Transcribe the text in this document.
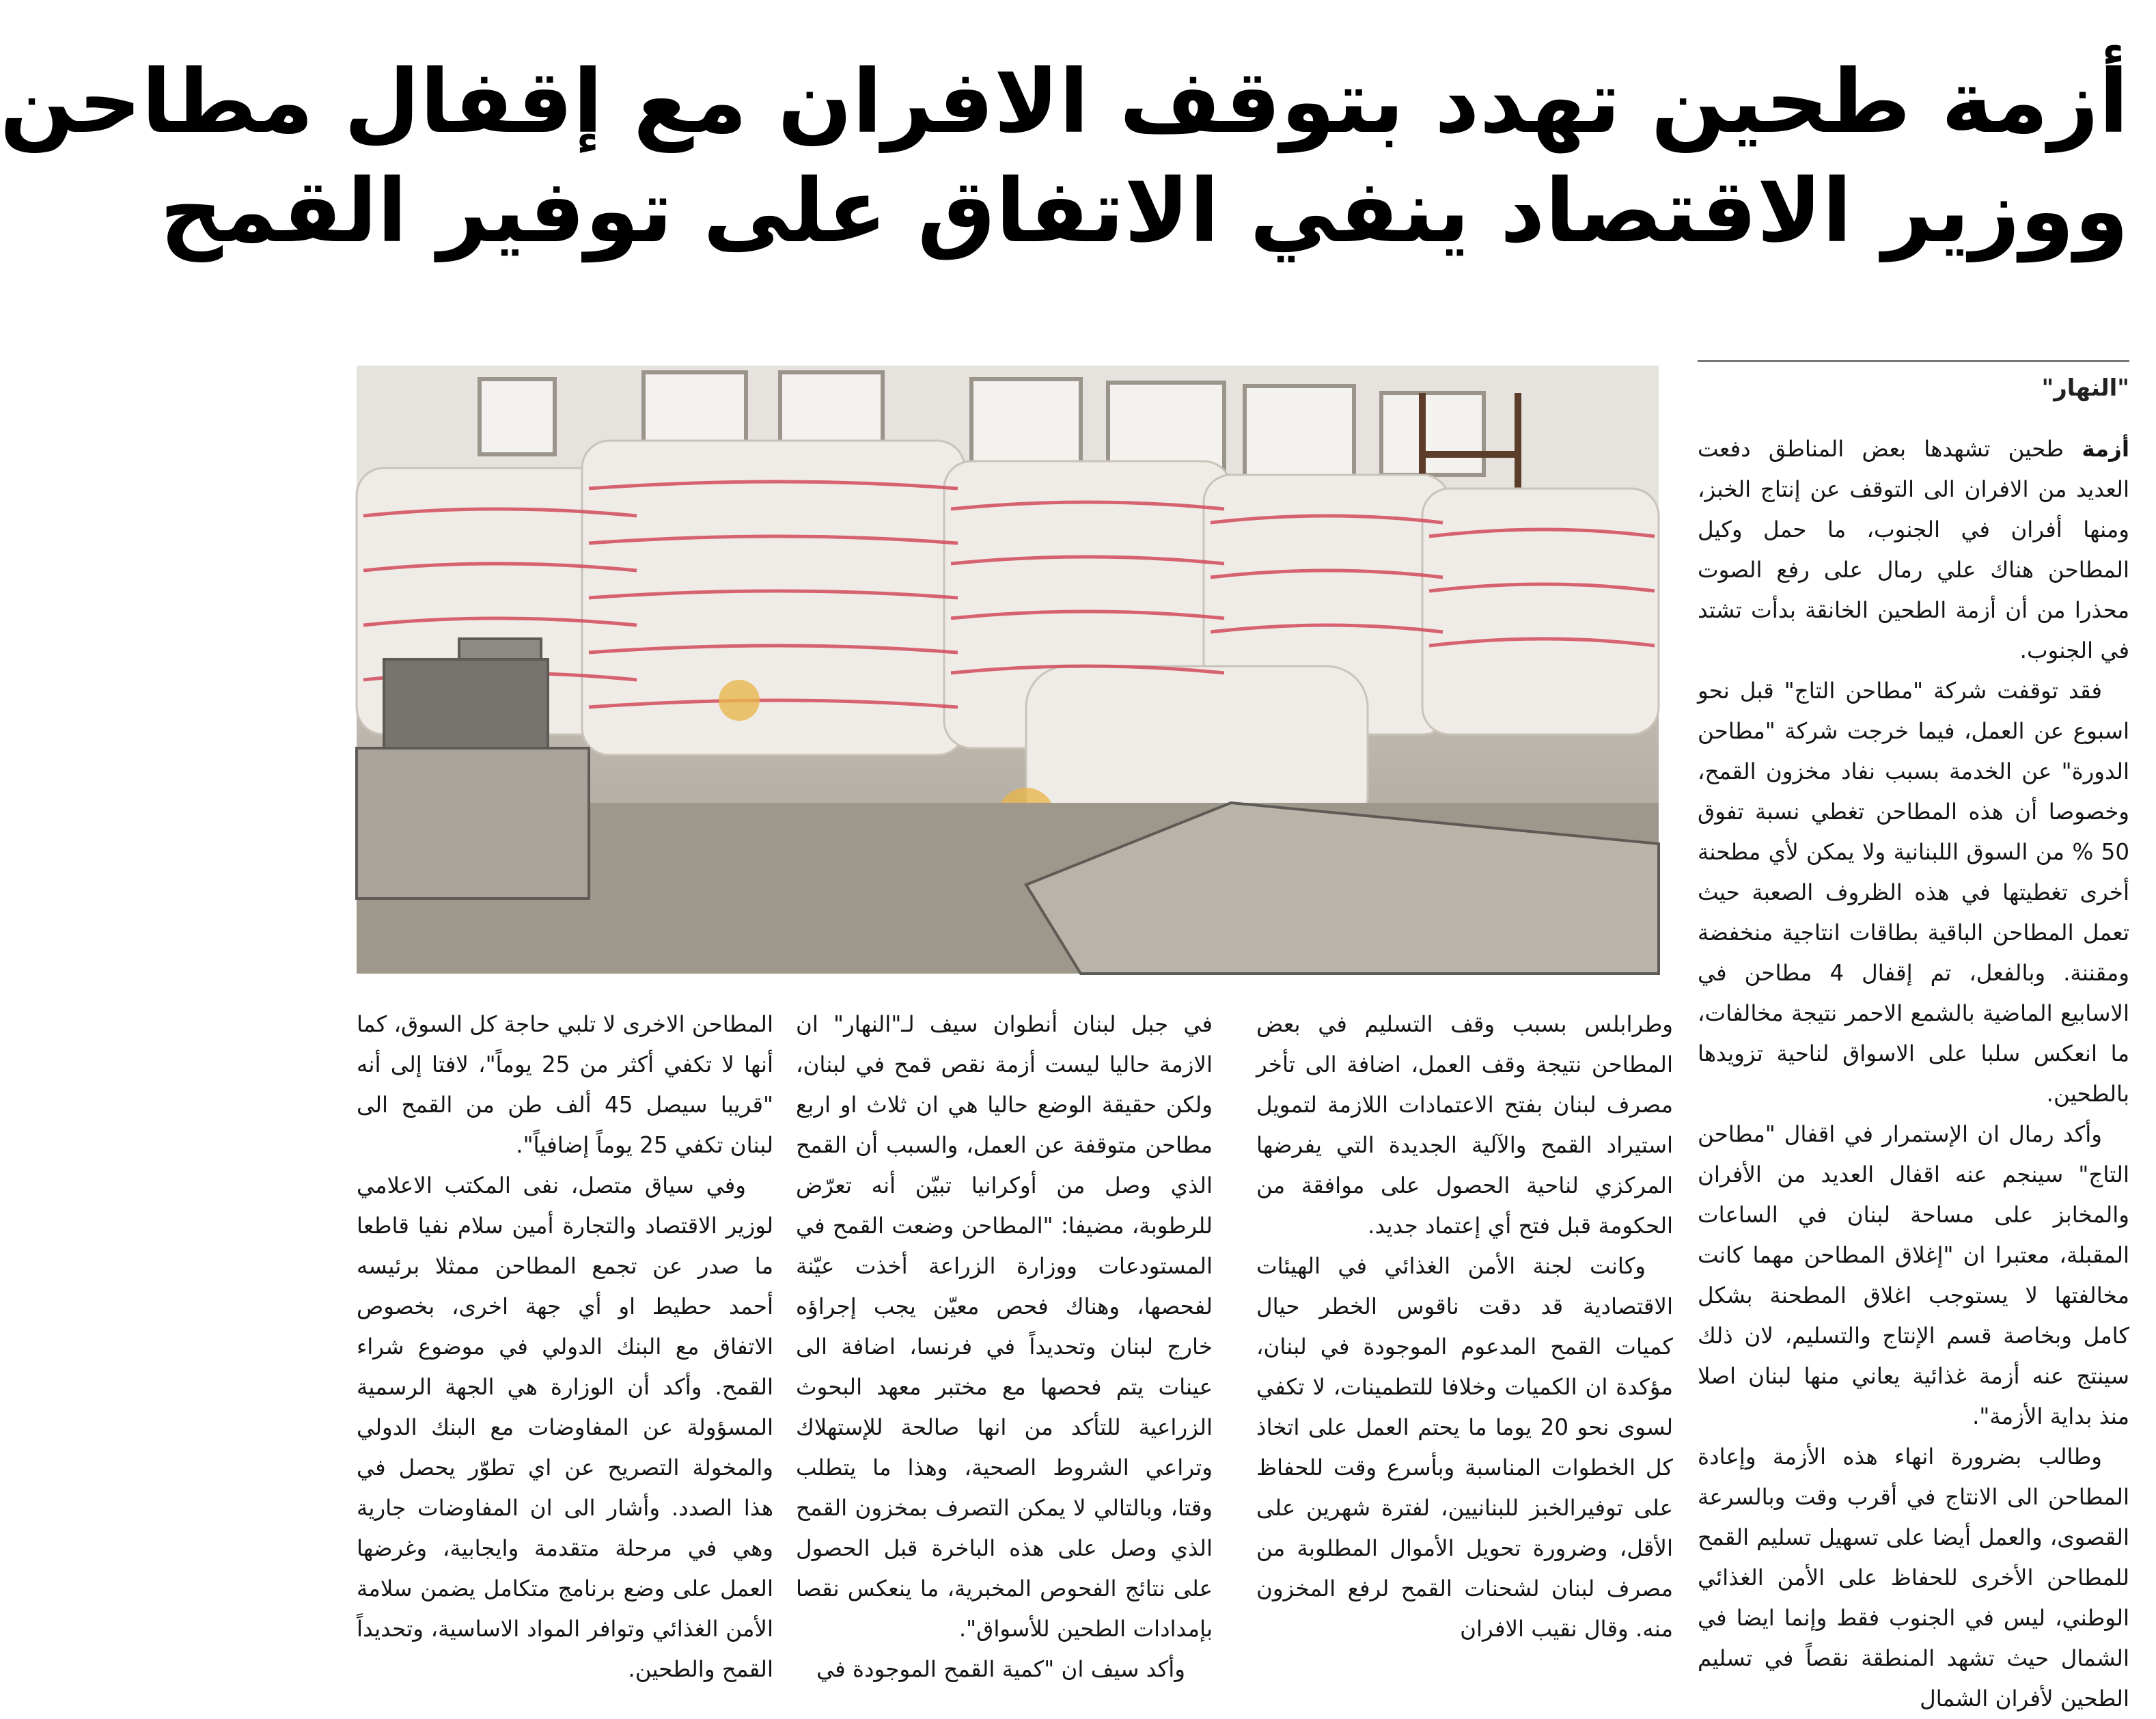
أزمة طحين تهدد بتوقف الافران مع إقفال مطاحن
ووزير الاقتصاد ينفي الاتفاق على توفير القمح
"النهار"

أزمة طحين تشهدها بعض المناطق دفعت العديد من الافران الى التوقف عن إنتاج الخبز، ومنها أفران في الجنوب، ما حمل وكيل المطاحن هناك علي رمال على رفع الصوت محذرا من أن أزمة الطحين الخانقة بدأت تشتد في الجنوب.

فقد توقفت شركة "مطاحن التاج" قبل نحو اسبوع عن العمل، فيما خرجت شركة "مطاحن الدورة" عن الخدمة بسبب نفاد مخزون القمح، وخصوصا أن هذه المطاحن تغطي نسبة تفوق 50 % من السوق اللبنانية ولا يمكن لأي مطحنة أخرى تغطيتها في هذه الظروف الصعبة حيث تعمل المطاحن الباقية بطاقات انتاجية منخفضة ومقننة. وبالفعل، تم إقفال 4 مطاحن في الاسابيع الماضية بالشمع الاحمر نتيجة مخالفات، ما انعكس سلبا على الاسواق لناحية تزويدها بالطحين.

وأكد رمال ان الإستمرار في اقفال "مطاحن التاج" سينجم عنه اقفال العديد من الأفران والمخابز على مساحة لبنان في الساعات المقبلة، معتبرا ان "إغلاق المطاحن مهما كانت مخالفتها لا يستوجب اغلاق المطحنة بشكل كامل وبخاصة قسم الإنتاج والتسليم، لان ذلك سينتج عنه أزمة غذائية يعاني منها لبنان اصلا منذ بداية الأزمة".

وطالب بضرورة انهاء هذه الأزمة وإعادة المطاحن الى الانتاج في أقرب وقت وبالسرعة القصوى، والعمل أيضا على تسهيل تسليم القمح للمطاحن الأخرى للحفاظ على الأمن الغذائي الوطني، ليس في الجنوب فقط وإنما ايضا في الشمال حيث تشهد المنطقة نقصاً في تسليم الطحين لأفران الشمال

وطرابلس بسبب وقف التسليم في بعض المطاحن نتيجة وقف العمل، اضافة الى تأخر مصرف لبنان بفتح الاعتمادات اللازمة لتمويل استيراد القمح والآلية الجديدة التي يفرضها المركزي لناحية الحصول على موافقة من الحكومة قبل فتح أي إعتماد جديد.

وكانت لجنة الأمن الغذائي في الهيئات الاقتصادية قد دقت ناقوس الخطر حيال كميات القمح المدعوم الموجودة في لبنان، مؤكدة ان الكميات وخلافا للتطمينات، لا تكفي لسوى نحو 20 يوما ما يحتم العمل على اتخاذ كل الخطوات المناسبة وبأسرع وقت للحفاظ على توفيرالخبز للبنانيين، لفترة شهرين على الأقل، وضرورة تحويل الأموال المطلوبة من مصرف لبنان لشحنات القمح لرفع المخزون منه. وقال نقيب الافران

في جبل لبنان أنطوان سيف لـ"النهار" ان الازمة حاليا ليست أزمة نقص قمح في لبنان، ولكن حقيقة الوضع حاليا هي ان ثلاث او اربع مطاحن متوقفة عن العمل، والسبب أن القمح الذي وصل من أوكرانيا تبيّن أنه تعرّض للرطوبة، مضيفا: "المطاحن وضعت القمح في المستودعات ووزارة الزراعة أخذت عيّنة لفحصها، وهناك فحص معيّن يجب إجراؤه خارج لبنان وتحديداً في فرنسا، اضافة الى عينات يتم فحصها مع مختبر معهد البحوث الزراعية للتأكد من انها صالحة للإستهلاك وتراعي الشروط الصحية، وهذا ما يتطلب وقتا، وبالتالي لا يمكن التصرف بمخزون القمح الذي وصل على هذه الباخرة قبل الحصول على نتائج الفحوص المخبرية، ما ينعكس نقصا بإمدادات الطحين للأسواق".

وأكد سيف ان "كمية القمح الموجودة في

المطاحن الاخرى لا تلبي حاجة كل السوق، كما أنها لا تكفي أكثر من 25 يوماً"، لافتا إلى أنه "قريبا سيصل 45 ألف طن من القمح الى لبنان تكفي 25 يوماً إضافياً".

وفي سياق متصل، نفى المكتب الاعلامي لوزير الاقتصاد والتجارة أمين سلام نفيا قاطعا ما صدر عن تجمع المطاحن ممثلا برئيسه أحمد حطيط او أي جهة اخرى، بخصوص الاتفاق مع البنك الدولي في موضوع شراء القمح. وأكد أن الوزارة هي الجهة الرسمية المسؤولة عن المفاوضات مع البنك الدولي والمخولة التصريح عن اي تطوّر يحصل في هذا الصدد. وأشار الى ان المفاوضات جارية وهي في مرحلة متقدمة وايجابية، وغرضها العمل على وضع برنامج متكامل يضمن سلامة الأمن الغذائي وتوافر المواد الاساسية، وتحديداً القمح والطحين.
